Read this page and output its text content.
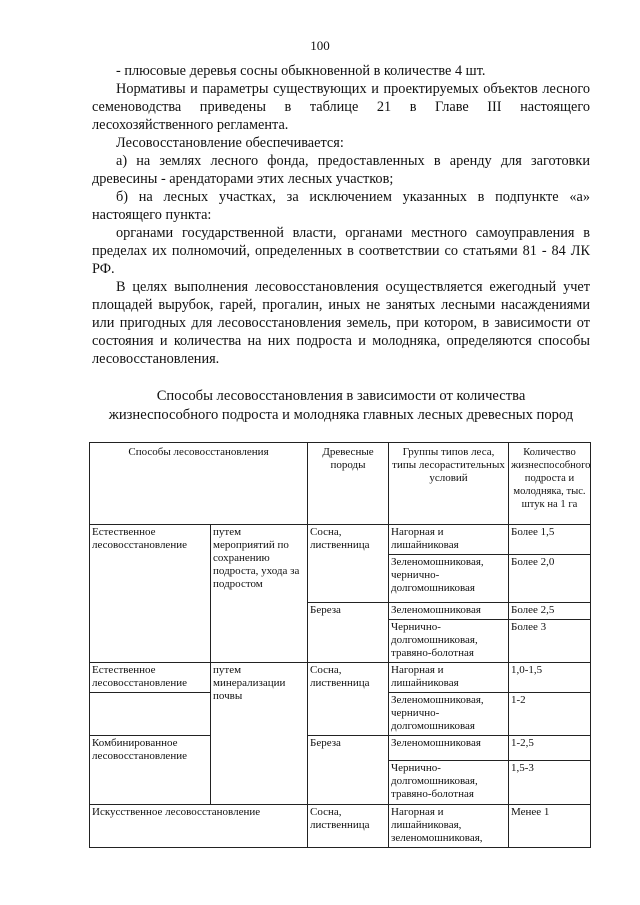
100

- плюсовые деревья сосны обыкновенной в количестве 4 шт.

Нормативы и параметры существующих и проектируемых объектов лесного семеноводства приведены в таблице 21 в Главе III настоящего лесохозяйственного регламента.

Лесовосстановление обеспечивается:

а) на землях лесного фонда, предоставленных в аренду для заготовки древесины - арендаторами этих лесных участков;

б) на лесных участках, за исключением указанных в подпункте «а» настоящего пункта:

органами государственной власти, органами местного самоуправления в пределах их полномочий, определенных в соответствии со статьями 81 - 84 ЛК РФ.

В целях выполнения лесовосстановления осуществляется ежегодный учет площадей вырубок, гарей, прогалин, иных не занятых лесными насаждениями или пригодных для лесовосстановления земель, при котором, в зависимости от состояния и количества на них подроста и молодняка, определяются способы лесовосстановления.

Способы лесовосстановления в зависимости от количества
жизнеспособного подроста и молодняка главных лесных древесных пород
Способы лесовосстановления		Древесные породы	Группы типов леса, типы лесорастительных условий	Количество жизнеспособного подроста и молодняка, тыс. штук на 1 га
Естественное лесовосстановление	путем мероприятий по сохранению подроста, ухода за подростом	Сосна, лиственница	Нагорная и лишайниковая	Более 1,5
			Зеленомошниковая, чернично-долгомошниковая	Более 2,0
		Береза	Зеленомошниковая	Более 2,5
			Чернично-долгомошниковая, травяно-болотная	Более 3
Естественное лесовосстановление	путем минерализации почвы	Сосна, лиственница	Нагорная и лишайниковая	1,0-1,5
			Зеленомошниковая, чернично-долгомошниковая	1-2
Комбинированное лесовосстановление		Береза	Зеленомошниковая	1-2,5
			Чернично-долгомошниковая, травяно-болотная	1,5-3
Искусственное лесовосстановление		Сосна, лиственница	Нагорная и лишайниковая, зеленомошниковая,	Менее 1
